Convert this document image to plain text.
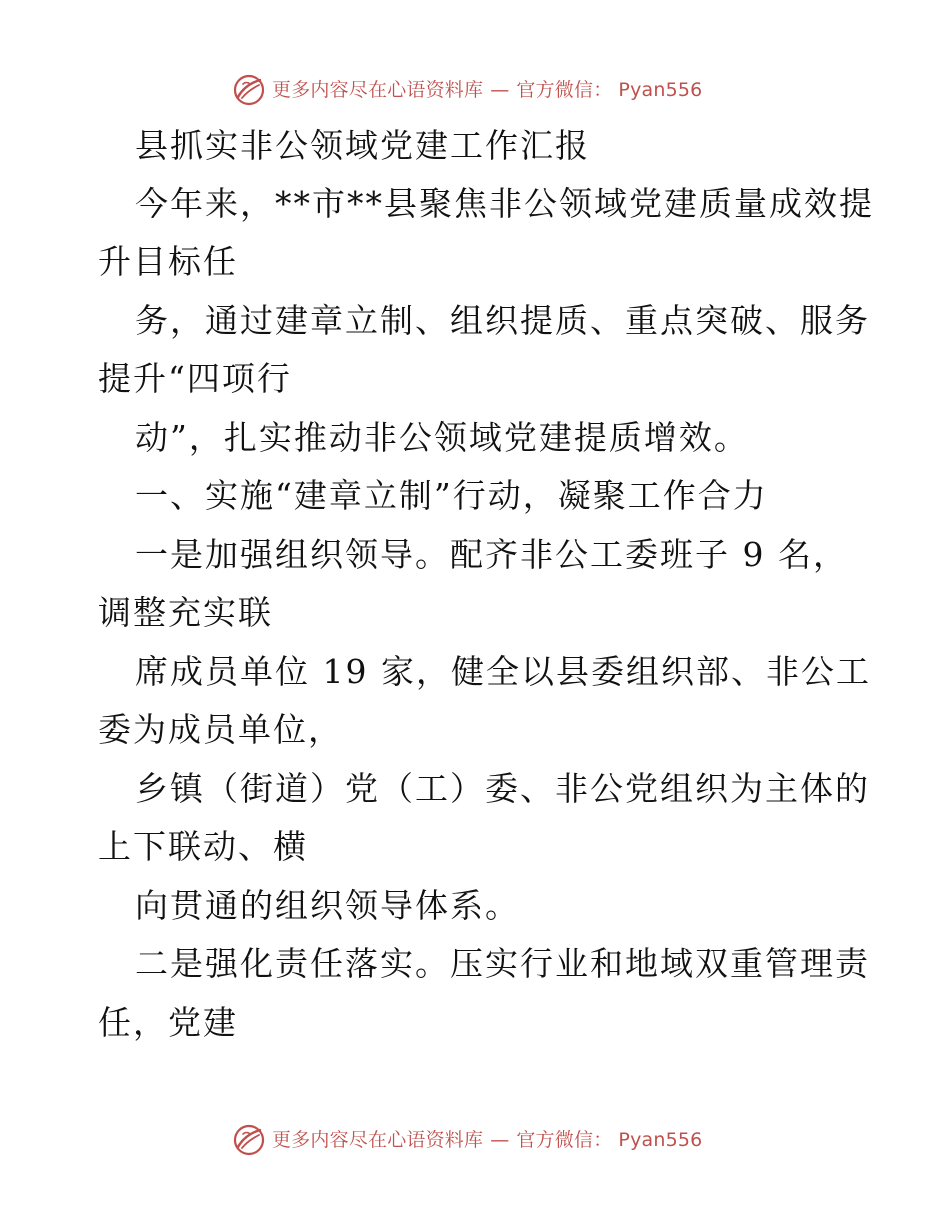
更多内容尽在心语资料库 — 官方微信： Pyan556
县抓实非公领域党建工作汇报
今年来，**市**县聚焦非公领域党建质量成效提
升目标任
务，通过建章立制、组织提质、重点突破、服务
提升“四项行
动”，扎实推动非公领域党建提质增效。
一、实施“建章立制”行动，凝聚工作合力
一是加强组织领导。配齐非公工委班子 9 名，
调整充实联
席成员单位 19 家，健全以县委组织部、非公工
委为成员单位，
乡镇（街道）党（工）委、非公党组织为主体的
上下联动、横
向贯通的组织领导体系。
二是强化责任落实。压实行业和地域双重管理责
任，党建
更多内容尽在心语资料库 — 官方微信： Pyan556
